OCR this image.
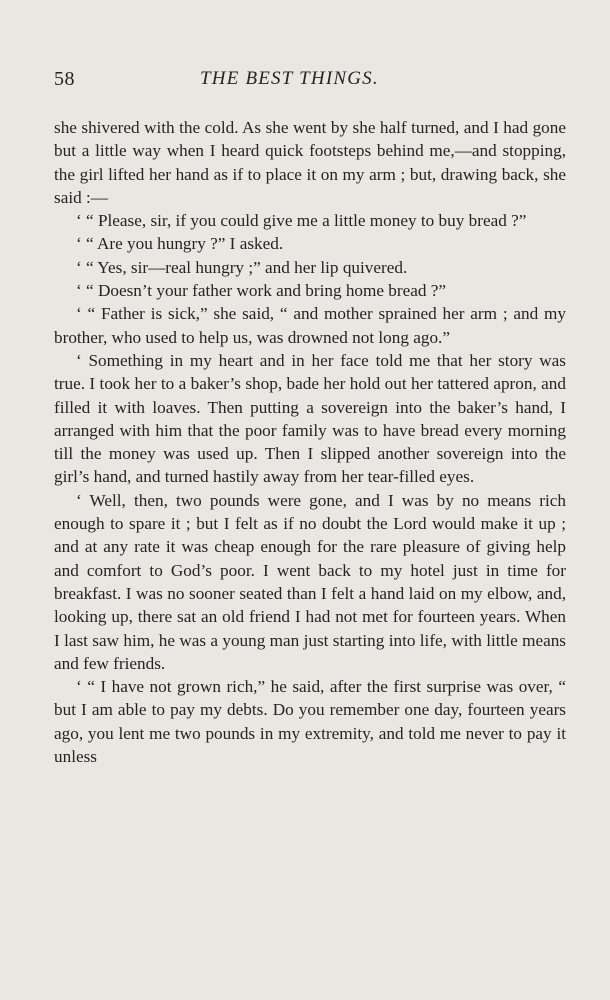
58	THE BEST THINGS.

she shivered with the cold. As she went by she half turned, and I had gone but a little way when I heard quick footsteps behind me,—and stopping, the girl lifted her hand as if to place it on my arm ; but, drawing back, she said :—

‘ “ Please, sir, if you could give me a little money to buy bread ?”

‘ “ Are you hungry ?” I asked.

‘ “ Yes, sir—real hungry ;” and her lip quivered.

‘ “ Doesn’t your father work and bring home bread ?”

‘ “ Father is sick,” she said, “ and mother sprained her arm ; and my brother, who used to help us, was drowned not long ago.”

‘ Something in my heart and in her face told me that her story was true. I took her to a baker’s shop, bade her hold out her tattered apron, and filled it with loaves. Then putting a sovereign into the baker’s hand, I arranged with him that the poor family was to have bread every morning till the money was used up. Then I slipped another sovereign into the girl’s hand, and turned hastily away from her tear-filled eyes.

‘ Well, then, two pounds were gone, and I was by no means rich enough to spare it ; but I felt as if no doubt the Lord would make it up ; and at any rate it was cheap enough for the rare pleasure of giving help and comfort to God’s poor. I went back to my hotel just in time for breakfast. I was no sooner seated than I felt a hand laid on my elbow, and, looking up, there sat an old friend I had not met for fourteen years. When I last saw him, he was a young man just starting into life, with little means and few friends.

‘ “ I have not grown rich,” he said, after the first surprise was over, “ but I am able to pay my debts. Do you remember one day, fourteen years ago, you lent me two pounds in my extremity, and told me never to pay it unless
